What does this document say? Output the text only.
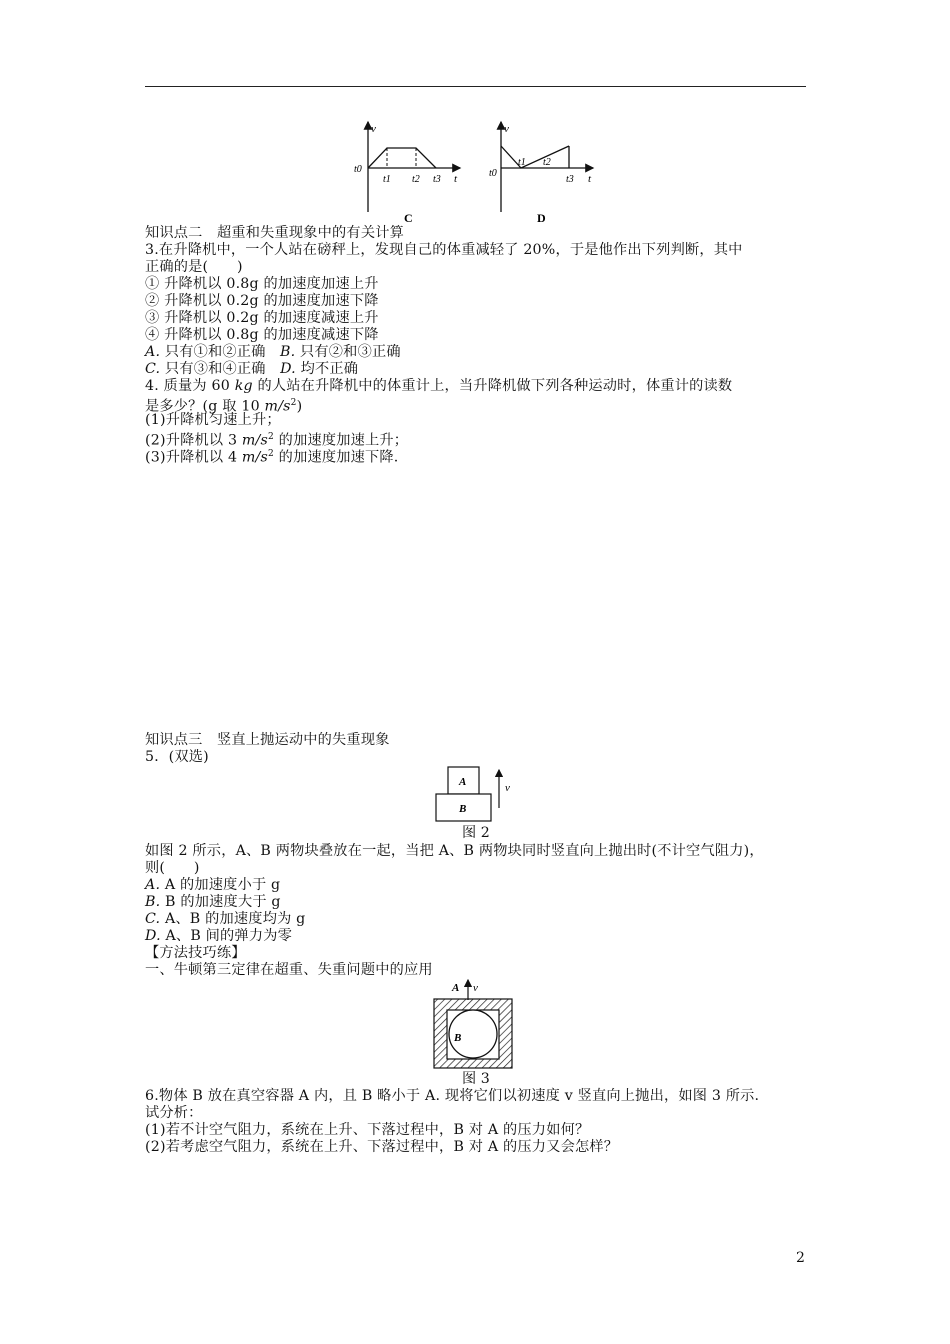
v
t
t0
t1 t2 t3
C
v
t
t0
t1 t2
t3
D
知识点二　超重和失重现象中的有关计算
3.在升降机中，一个人站在磅秤上，发现自己的体重减轻了 20%，于是他作出下列判断，其中
正确的是(　　)
① 升降机以 0.8g 的加速度加速上升
② 升降机以 0.2g 的加速度加速下降
③ 升降机以 0.2g 的加速度减速上升
④ 升降机以 0.8g 的加速度减速下降
A. 只有①和②正确　B. 只有②和③正确
C. 只有③和④正确　D. 均不正确
4. 质量为 60 kg 的人站在升降机中的体重计上，当升降机做下列各种运动时，体重计的读数
是多少？(g 取 10 $m/s^2$)
(1)升降机匀速上升；
(2)升降机以 3 $m/s^2$ 的加速度加速上升；
(3)升降机以 4 $m/s^2$ 的加速度加速下降.
知识点三　竖直上抛运动中的失重现象
5．(双选)
A
B
v
图 2
如图 2 所示，A、B 两物块叠放在一起，当把 A、B 两物块同时竖直向上抛出时(不计空气阻力)，
则(　　)
A. A 的加速度小于 g
B. B 的加速度大于 g
C. A、B 的加速度均为 g
D. A、B 间的弹力为零
【方法技巧练】
一、牛顿第三定律在超重、失重问题中的应用
A v
B
图 3
6.物体 B 放在真空容器 A 内，且 B 略小于 A. 现将它们以初速度 v 竖直向上抛出，如图 3 所示.
试分析：
(1)若不计空气阻力，系统在上升、下落过程中，B 对 A 的压力如何？
(2)若考虑空气阻力，系统在上升、下落过程中，B 对 A 的压力又会怎样？
2
